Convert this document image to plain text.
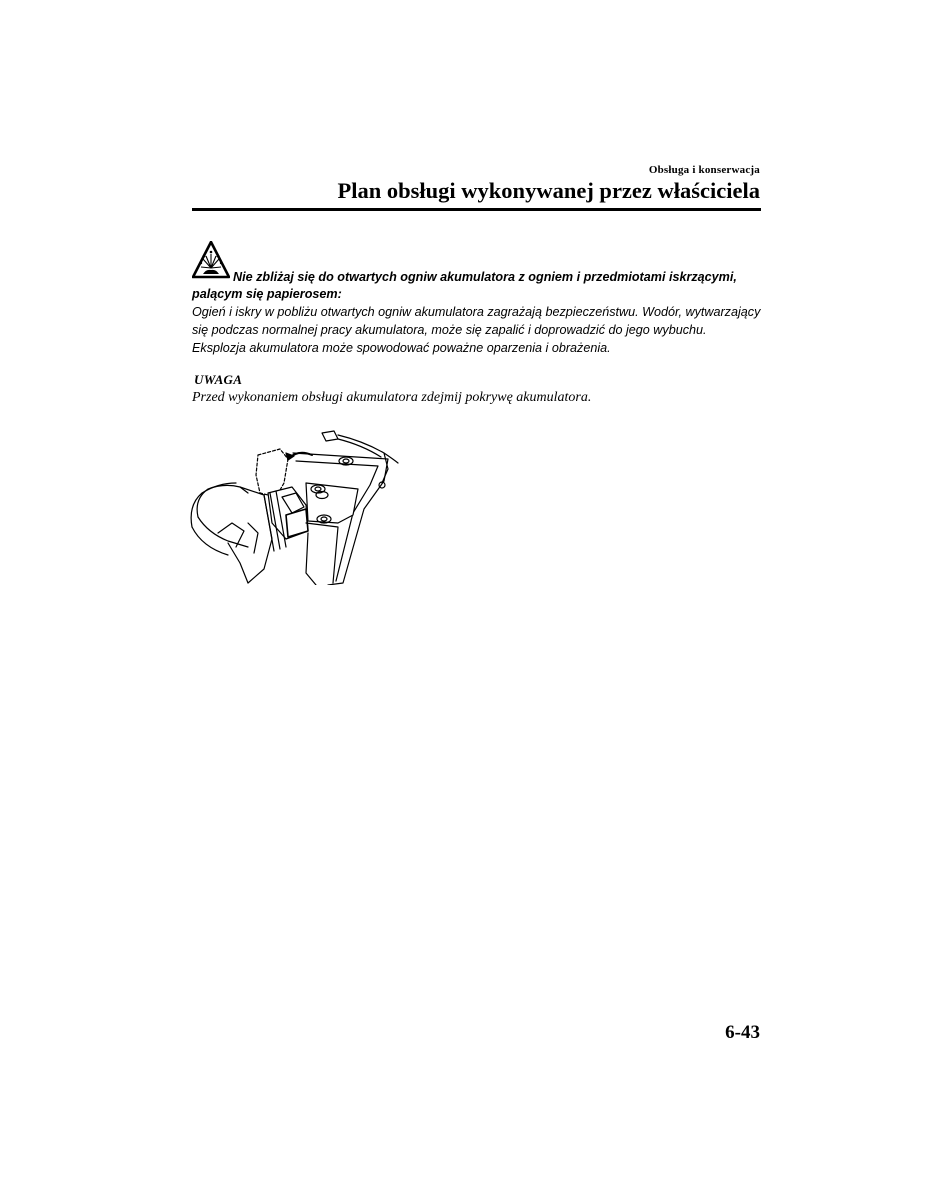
Obsługa i konserwacja
Plan obsługi wykonywanej przez właściciela

Nie zbliżaj się do otwartych ogniw akumulatora z ogniem i przedmiotami iskrzącymi,
palącym się papierosem:

Ogień i iskry w pobliżu otwartych ogniw akumulatora zagrażają bezpieczeństwu. Wodór, wytwarzający się podczas normalnej pracy akumulatora, może się zapalić i doprowadzić do jego wybuchu. Eksplozja akumulatora może spowodować poważne oparzenia i obrażenia.

UWAGA

Przed wykonaniem obsługi akumulatora zdejmij pokrywę akumulatora.

6-43
